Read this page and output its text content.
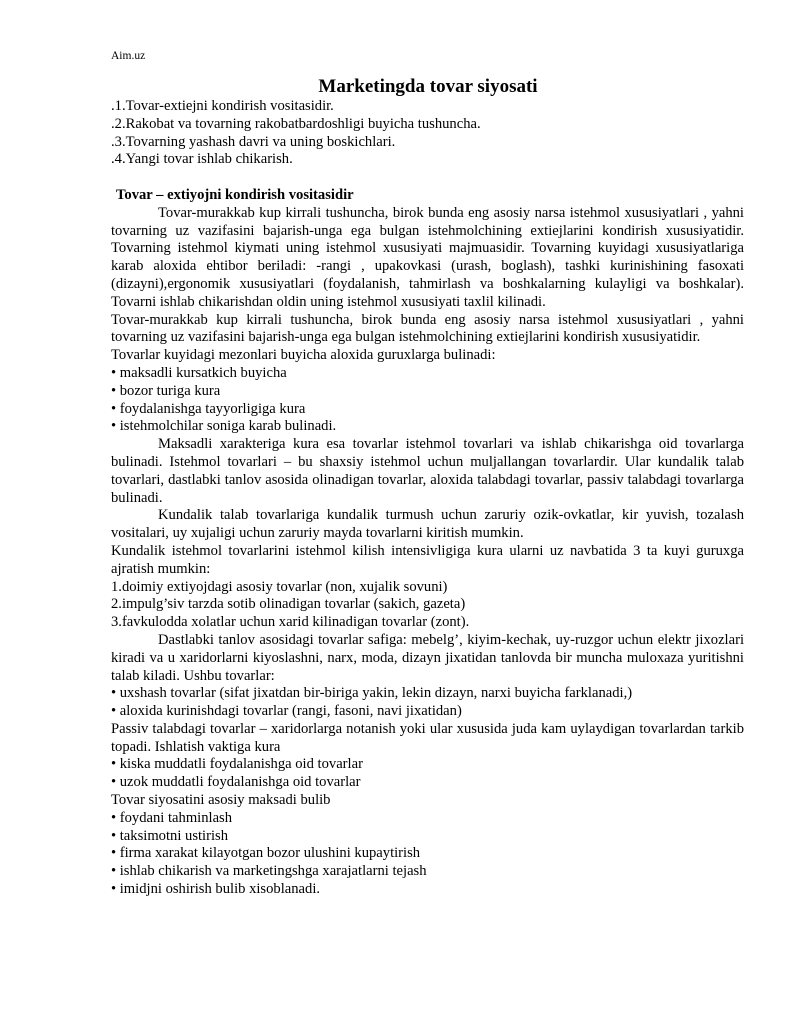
Aim.uz
Marketingda tovar siyosati

.1.Tovar-extiejni kondirish vositasidir.

.2.Rakobat va tovarning rakobatbardoshligi buyicha tushuncha.

.3.Tovarning yashash davri va uning boskichlari.

.4.Yangi tovar ishlab chikarish.

Tovar – extiyojni kondirish vositasidir

Tovar-murakkab kup kirrali tushuncha, birok bunda eng asosiy narsa istehmol xususiyatlari , yahni tovarning uz vazifasini bajarish-unga ega bulgan istehmolchining extiejlarini kondirish xususiyatidir. Tovarning istehmol kiymati uning istehmol xususiyati majmuasidir. Tovarning kuyidagi xususiyatlariga karab aloxida ehtibor beriladi: -rangi , upakovkasi (urash, boglash), tashki kurinishining fasoxati (dizayni),ergonomik xususiyatlari (foydalanish, tahmirlash va boshkalarning kulayligi va boshkalar). Tovarni ishlab chikarishdan oldin uning istehmol xususiyati taxlil kilinadi.

Tovar-murakkab kup kirrali tushuncha, birok bunda eng asosiy narsa istehmol xususiyatlari , yahni tovarning uz vazifasini bajarish-unga ega bulgan istehmolchining extiejlarini kondirish xususiyatidir.

Tovarlar kuyidagi mezonlari buyicha aloxida guruxlarga bulinadi:

• maksadli kursatkich buyicha

• bozor turiga kura

• foydalanishga tayyorligiga kura

• istehmolchilar soniga karab bulinadi.

Maksadli xarakteriga kura esa tovarlar istehmol tovarlari va ishlab chikarishga oid tovarlarga bulinadi. Istehmol tovarlari – bu shaxsiy istehmol uchun muljallangan tovarlardir. Ular kundalik talab tovarlari, dastlabki tanlov asosida olinadigan tovarlar, aloxida talabdagi tovarlar, passiv talabdagi tovarlarga bulinadi.

Kundalik talab tovarlariga kundalik turmush uchun zaruriy ozik-ovkatlar, kir yuvish, tozalash vositalari, uy xujaligi uchun zaruriy mayda tovarlarni kiritish mumkin.

Kundalik istehmol tovarlarini istehmol kilish intensivligiga kura ularni uz navbatida 3 ta kuyi guruxga ajratish mumkin:

1.doimiy extiyojdagi asosiy tovarlar (non, xujalik sovuni)

2.impulg’siv tarzda sotib olinadigan tovarlar (sakich, gazeta)

3.favkulodda xolatlar uchun xarid kilinadigan tovarlar (zont).

Dastlabki tanlov asosidagi tovarlar safiga: mebelg’, kiyim-kechak, uy-ruzgor uchun elektr jixozlari kiradi va u xaridorlarni kiyoslashni, narx, moda, dizayn jixatidan tanlovda bir muncha muloxaza yuritishni talab kiladi. Ushbu tovarlar:

• uxshash tovarlar (sifat jixatdan bir-biriga yakin, lekin dizayn, narxi buyicha farklanadi,)

• aloxida kurinishdagi tovarlar (rangi, fasoni, navi jixatidan)

Passiv talabdagi tovarlar – xaridorlarga notanish yoki ular xususida juda kam uylaydigan tovarlardan tarkib topadi. Ishlatish vaktiga kura

• kiska muddatli foydalanishga oid tovarlar

• uzok muddatli foydalanishga oid tovarlar

Tovar siyosatini asosiy maksadi bulib

• foydani tahminlash

• taksimotni ustirish

• firma xarakat kilayotgan bozor ulushini kupaytirish

• ishlab chikarish va marketingshga xarajatlarni tejash

• imidjni oshirish bulib xisoblanadi.
